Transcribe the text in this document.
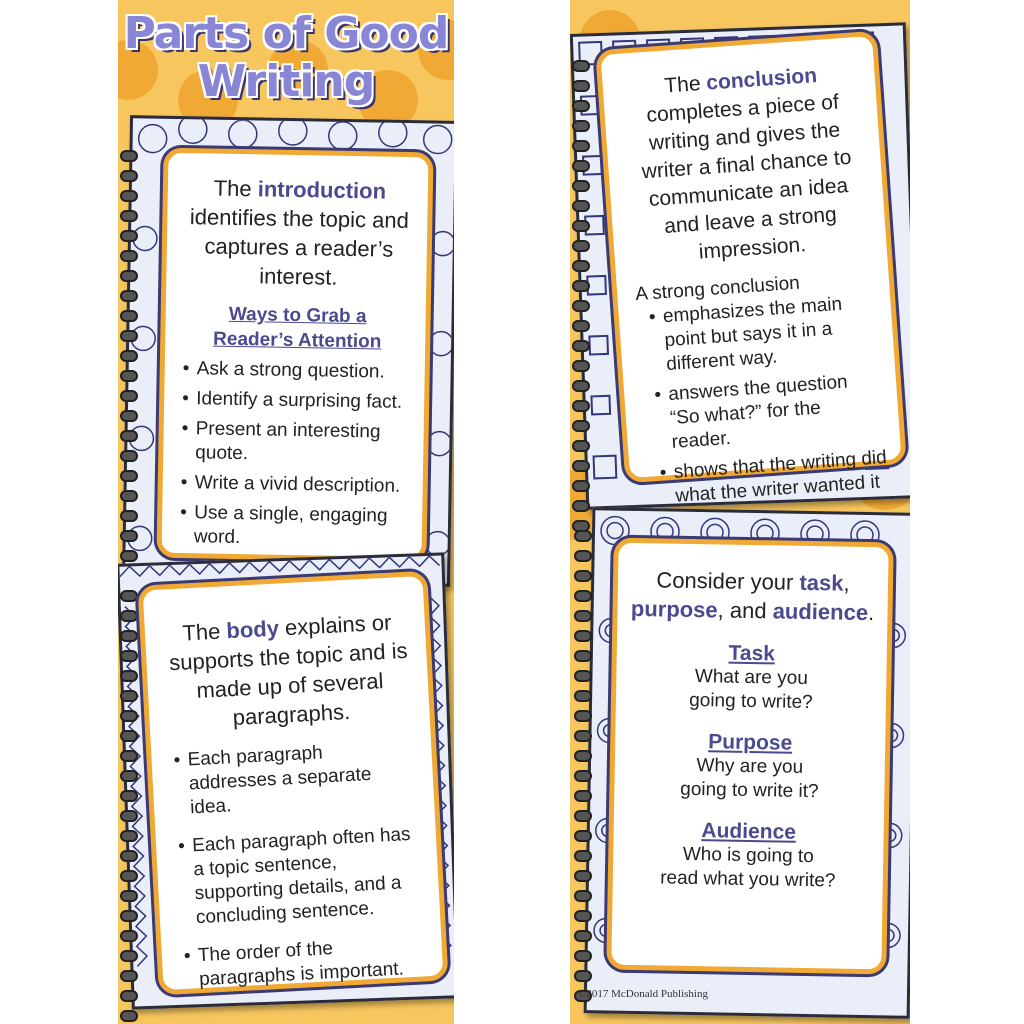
Parts of Good Writing

The introduction identifies the topic and captures a reader’s interest.

Ways to Grab a
Reader’s Attention

• Ask a strong question.
• Identify a surprising fact.
• Present an interesting quote.
• Write a vivid description.
• Use a single, engaging word.

The body explains or supports the topic and is made up of several paragraphs.

• Each paragraph addresses a separate idea.
• Each paragraph often has a topic sentence, supporting details, and a concluding sentence.
• The order of the paragraphs is important.

The conclusion completes a piece of writing and gives the writer a final chance to communicate an idea and leave a strong impression.

A strong conclusion

• emphasizes the main point but says it in a different way.
• answers the question “So what?” for the reader.
• shows that the writing did what the writer wanted it

Consider your task, purpose, and audience.

Task

What are you

going to write?

Purpose

Why are you

going to write it?

Audience

Who is going to

read what you write?

©2017 McDonald Publishing
